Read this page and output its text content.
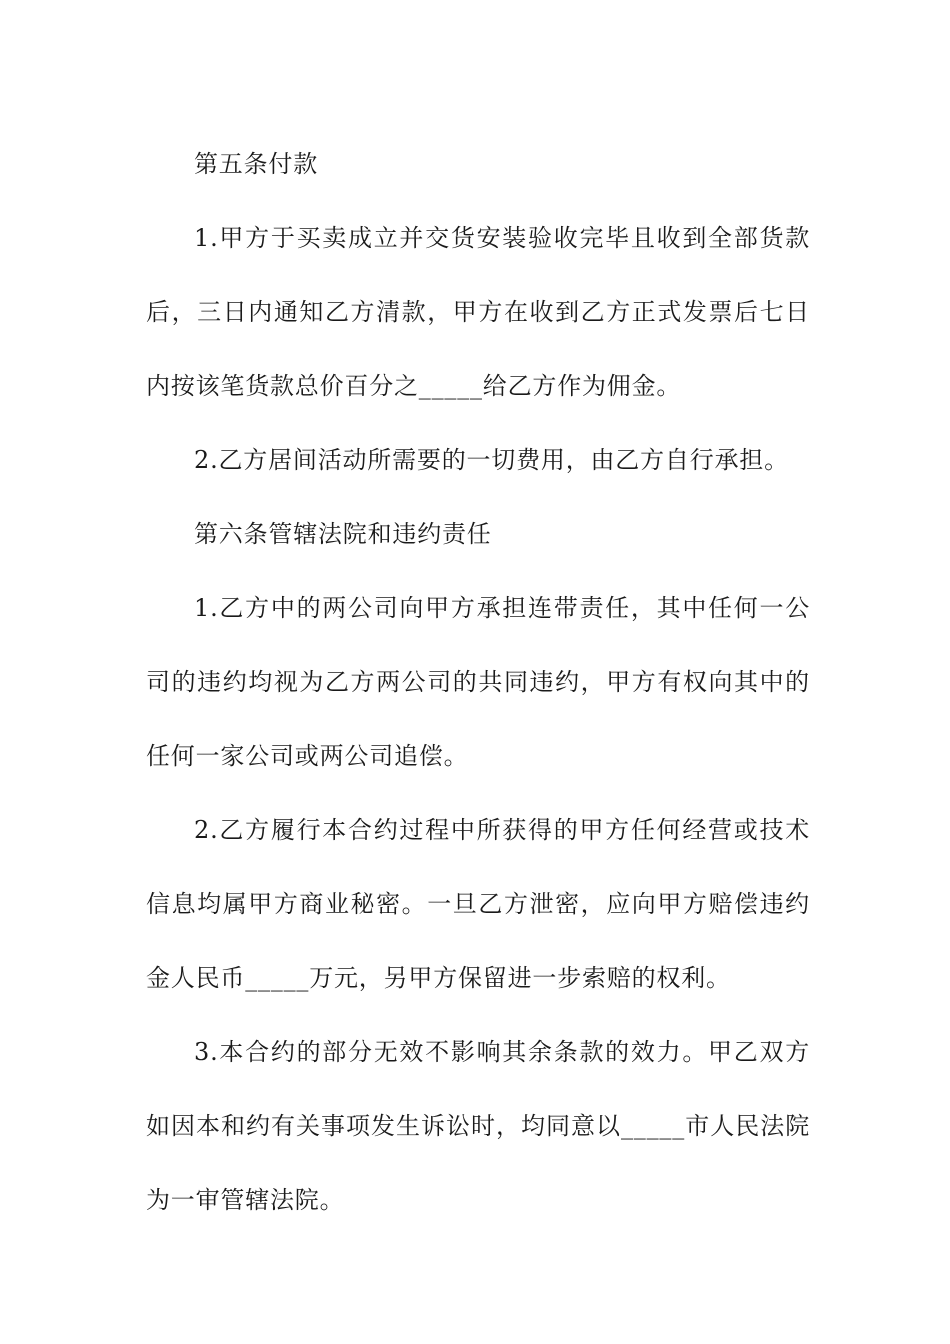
第五条付款

1.甲方于买卖成立并交货安装验收完毕且收到全部货款后，三日内通知乙方清款，甲方在收到乙方正式发票后七日内按该笔货款总价百分之_____给乙方作为佣金。

2.乙方居间活动所需要的一切费用，由乙方自行承担。

第六条管辖法院和违约责任

1.乙方中的两公司向甲方承担连带责任，其中任何一公司的违约均视为乙方两公司的共同违约，甲方有权向其中的任何一家公司或两公司追偿。

2.乙方履行本合约过程中所获得的甲方任何经营或技术信息均属甲方商业秘密。一旦乙方泄密，应向甲方赔偿违约金人民币_____万元，另甲方保留进一步索赔的权利。

3.本合约的部分无效不影响其余条款的效力。甲乙双方如因本和约有关事项发生诉讼时，均同意以_____市人民法院为一审管辖法院。
